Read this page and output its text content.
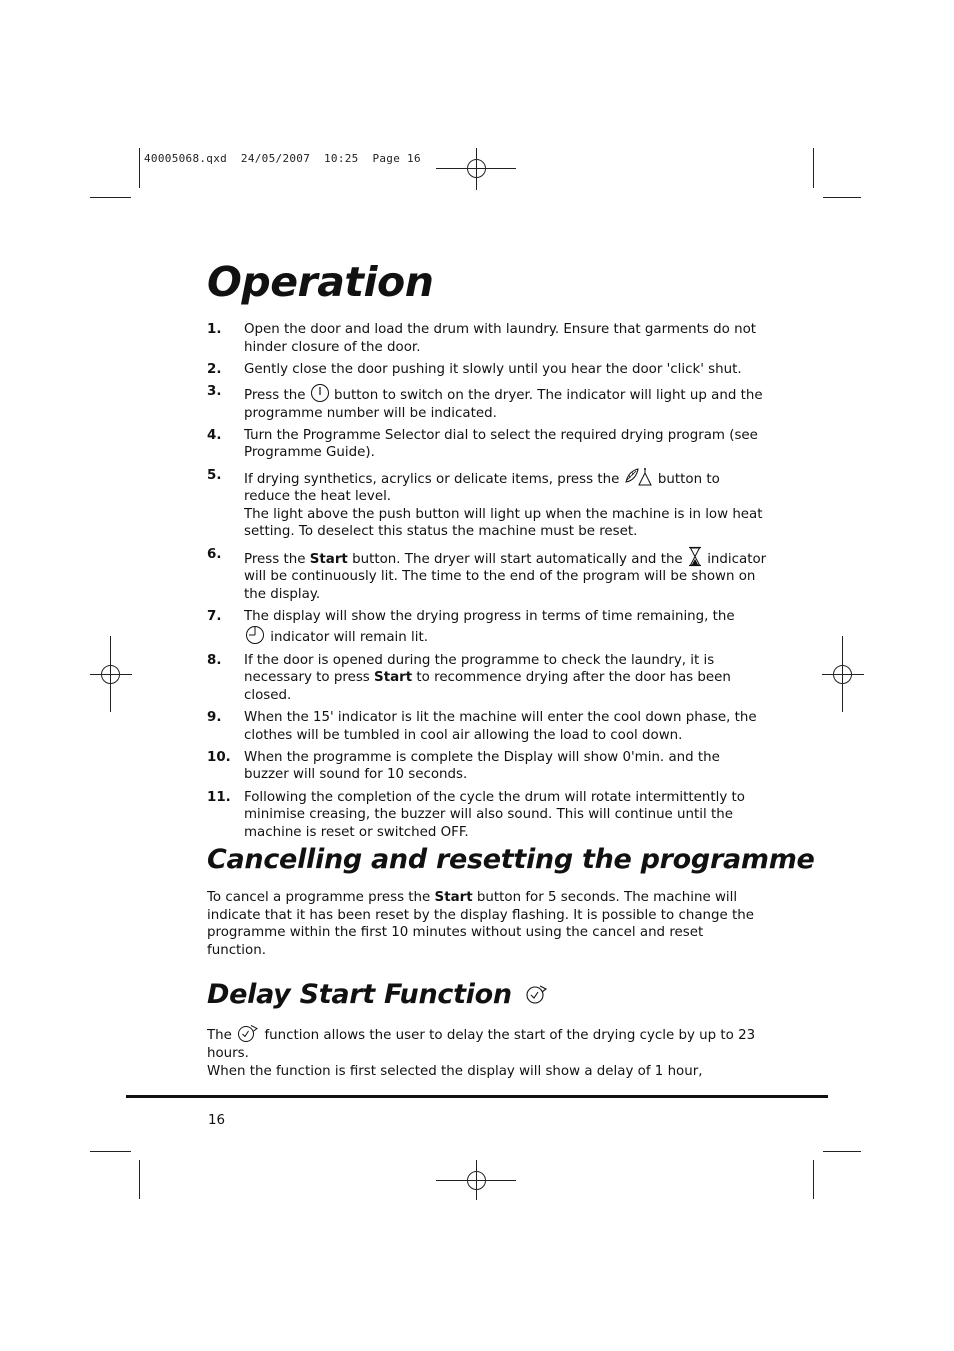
40005068.qxd  24/05/2007  10:25  Page 16
Operation
1. Open the door and load the drum with laundry. Ensure that garments do not hinder closure of the door.
2. Gently close the door pushing it slowly until you hear the door 'click' shut.
3. Press the button to switch on the dryer. The indicator will light up and the programme number will be indicated.
4. Turn the Programme Selector dial to select the required drying program (see Programme Guide).
5. If drying synthetics, acrylics or delicate items, press the	button to reduce the heat level.
The light above the push button will light up when the machine is in low heat setting. To deselect this status the machine must be reset.
6. Press the Start button. The dryer will start automatically and the indicator will be continuously lit. The time to the end of the program will be shown on the display.
7. The display will show the drying progress in terms of time remaining, the
indicator will remain lit.
8. If the door is opened during the programme to check the laundry, it is necessary to press Start to recommence drying after the door has been closed.
9. When the 15' indicator is lit the machine will enter the cool down phase, the clothes will be tumbled in cool air allowing the load to cool down.
10. When the programme is complete the Display will show 0'min. and the buzzer will sound for 10 seconds.
11. Following the completion of the cycle the drum will rotate intermittently to minimise creasing, the buzzer will also sound. This will continue until the machine is reset or switched OFF.
Cancelling and resetting the programme

To cancel a programme press the Start button for 5 seconds. The machine will indicate that it has been reset by the display flashing. It is possible to change the programme within the first 10 minutes without using the cancel and reset function.

Delay Start Function

The function allows the user to delay the start of the drying cycle by up to 23 hours.

When the function is first selected the display will show a delay of 1 hour,

16
